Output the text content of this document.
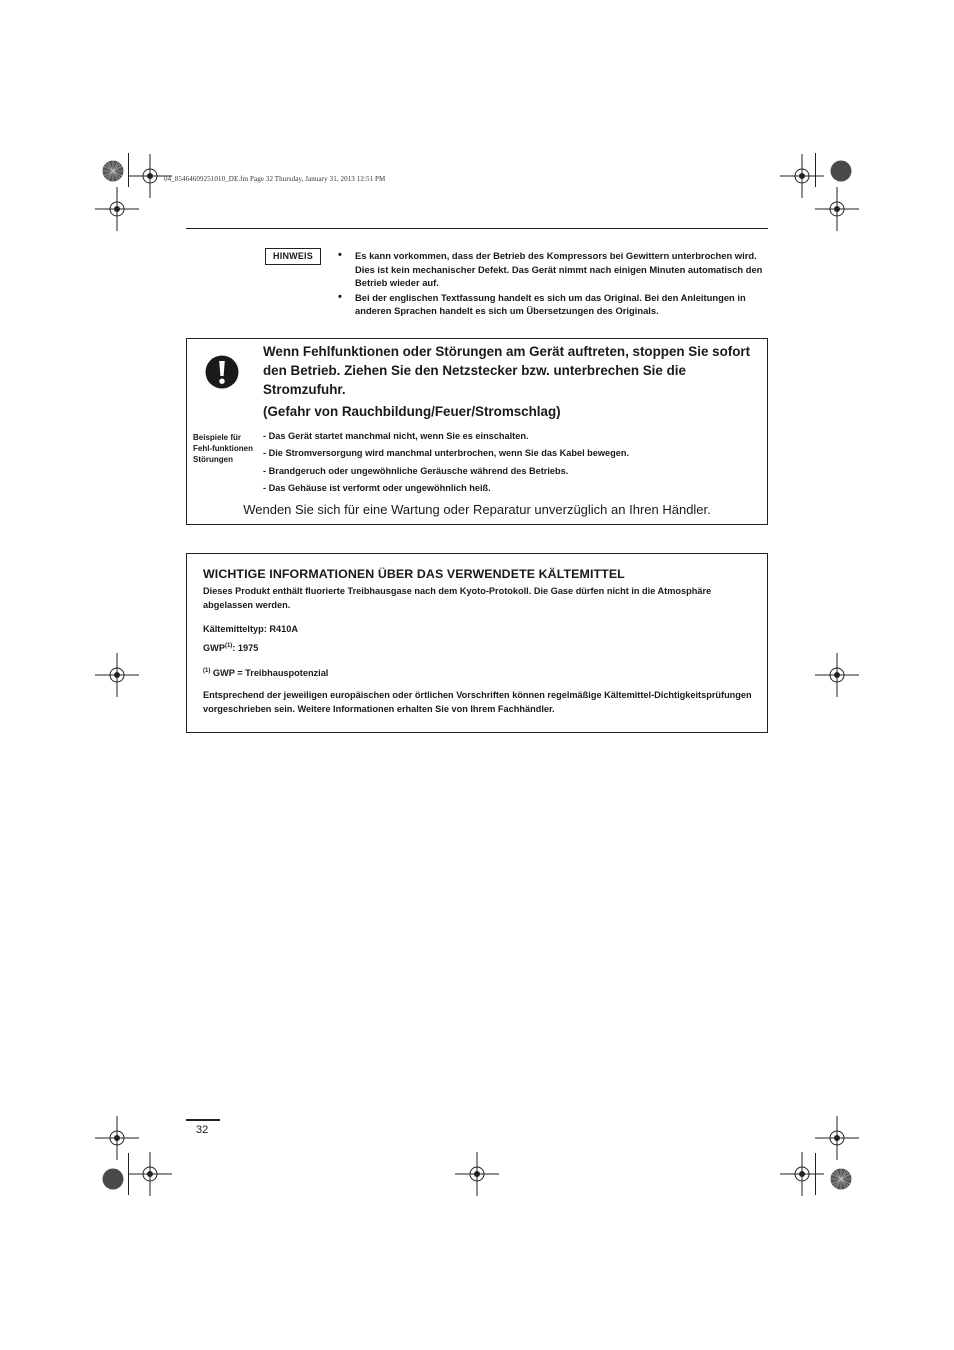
04_85464609251010_DE.fm Page 32 Thursday, January 31, 2013 12:51 PM
HINWEIS	• Es kann vorkommen, dass der Betrieb des Kompressors bei Gewittern unterbrochen wird. Dies ist kein mechanischer Defekt. Das Gerät nimmt nach einigen Minuten automatisch den Betrieb wieder auf.
• Bei der englischen Textfassung handelt es sich um das Original. Bei den Anleitungen in anderen Sprachen handelt es sich um Übersetzungen des Originals.
Wenn Fehlfunktionen oder Störungen am Gerät auftreten, stoppen Sie sofort den Betrieb. Ziehen Sie den Netzstecker bzw. unterbrechen Sie die Stromzufuhr.
(Gefahr von Rauchbildung/Feuer/Stromschlag)
Beispiele für Fehl-funktionen Störungen
- Das Gerät startet manchmal nicht, wenn Sie es einschalten.
- Die Stromversorgung wird manchmal unterbrochen, wenn Sie das Kabel bewegen.
- Brandgeruch oder ungewöhnliche Geräusche während des Betriebs.
- Das Gehäuse ist verformt oder ungewöhnlich heiß.
Wenden Sie sich für eine Wartung oder Reparatur unverzüglich an Ihren Händler.
WICHTIGE INFORMATIONEN ÜBER DAS VERWENDETE KÄLTEMITTEL
Dieses Produkt enthält fluorierte Treibhausgase nach dem Kyoto-Protokoll. Die Gase dürfen nicht in die Atmosphäre abgelassen werden.
Kältemitteltyp: R410A
GWP$^{(1)}$: 1975
$^{(1)}$ GWP = Treibhauspotenzial
Entsprechend der jeweiligen europäischen oder örtlichen Vorschriften können regelmäßige Kältemittel-Dichtigkeitsprüfungen vorgeschrieben sein. Weitere Informationen erhalten Sie von Ihrem Fachhändler.
32
